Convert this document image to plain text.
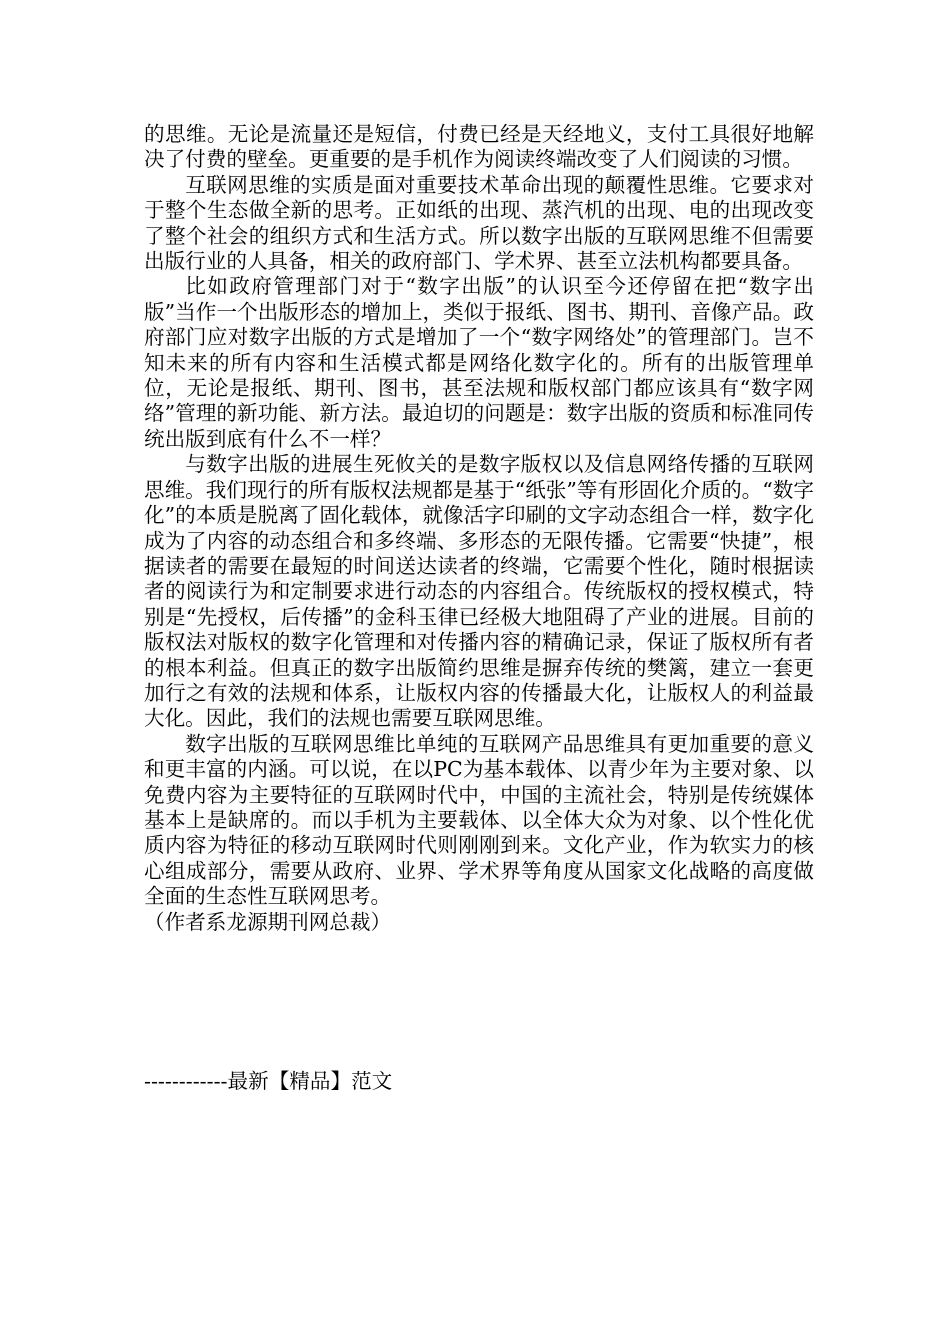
的思维。无论是流量还是短信，付费已经是天经地义，支付工具很好地解决了付费的壁垒。更重要的是手机作为阅读终端改变了人们阅读的习惯。

互联网思维的实质是面对重要技术革命出现的颠覆性思维。它要求对于整个生态做全新的思考。正如纸的出现、蒸汽机的出现、电的出现改变了整个社会的组织方式和生活方式。所以数字出版的互联网思维不但需要出版行业的人具备，相关的政府部门、学术界、甚至立法机构都要具备。

比如政府管理部门对于“数字出版”的认识至今还停留在把“数字出版”当作一个出版形态的增加上，类似于报纸、图书、期刊、音像产品。政府部门应对数字出版的方式是增加了一个“数字网络处”的管理部门。岂不知未来的所有内容和生活模式都是网络化数字化的。所有的出版管理单位，无论是报纸、期刊、图书，甚至法规和版权部门都应该具有“数字网络”管理的新功能、新方法。最迫切的问题是：数字出版的资质和标准同传统出版到底有什么不一样？

与数字出版的进展生死攸关的是数字版权以及信息网络传播的互联网思维。我们现行的所有版权法规都是基于“纸张”等有形固化介质的。“数字化”的本质是脱离了固化载体，就像活字印刷的文字动态组合一样，数字化成为了内容的动态组合和多终端、多形态的无限传播。它需要“快捷”，根据读者的需要在最短的时间送达读者的终端，它需要个性化，随时根据读者的阅读行为和定制要求进行动态的内容组合。传统版权的授权模式，特别是“先授权，后传播”的金科玉律已经极大地阻碍了产业的进展。目前的版权法对版权的数字化管理和对传播内容的精确记录，保证了版权所有者的根本利益。但真正的数字出版简约思维是摒弃传统的樊篱，建立一套更加行之有效的法规和体系，让版权内容的传播最大化，让版权人的利益最大化。因此，我们的法规也需要互联网思维。

数字出版的互联网思维比单纯的互联网产品思维具有更加重要的意义和更丰富的内涵。可以说，在以PC为基本载体、以青少年为主要对象、以免费内容为主要特征的互联网时代中，中国的主流社会，特别是传统媒体基本上是缺席的。而以手机为主要载体、以全体大众为对象、以个性化优质内容为特征的移动互联网时代则刚刚到来。文化产业，作为软实力的核心组成部分，需要从政府、业界、学术界等角度从国家文化战略的高度做全面的生态性互联网思考。

（作者系龙源期刊网总裁）

------------最新【精品】范文
